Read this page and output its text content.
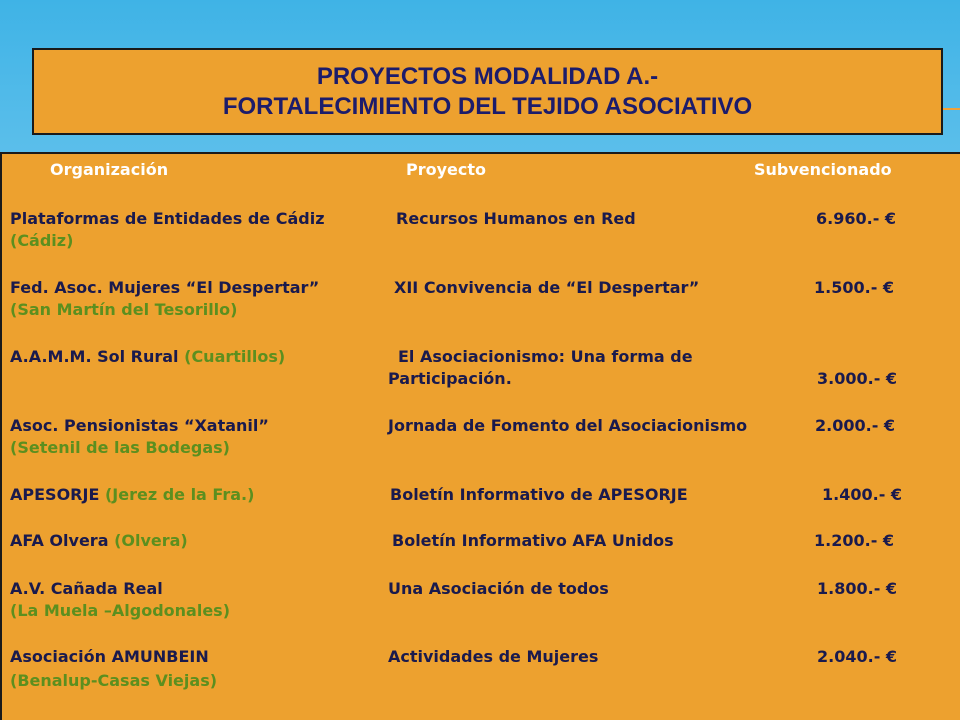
PROYECTOS MODALIDAD A.-
FORTALECIMIENTO DEL TEJIDO ASOCIATIVO
Organización	Proyecto	Subvencionado
Plataformas de Entidades de Cádiz
(Cádiz)
Recursos Humanos en Red	6.960.- €
Fed. Asoc. Mujeres “El Despertar”
(San Martín del Tesorillo)
XII Convivencia de “El Despertar”	1.500.- €
A.A.M.M. Sol Rural (Cuartillos)	El Asociacionismo: Una forma de
Participación.	3.000.- €
Asoc. Pensionistas “Xatanil”
(Setenil de las Bodegas)
Jornada de Fomento del Asociacionismo	2.000.- €
APESORJE (Jerez de la Fra.)	Boletín Informativo de APESORJE	1.400.- €
AFA Olvera (Olvera)	Boletín Informativo AFA Unidos	1.200.- €
A.V. Cañada Real
(La Muela –Algodonales)
Una Asociación de todos	1.800.- €
Asociación AMUNBEIN
(Benalup-Casas Viejas)
Actividades de Mujeres	2.040.- €
